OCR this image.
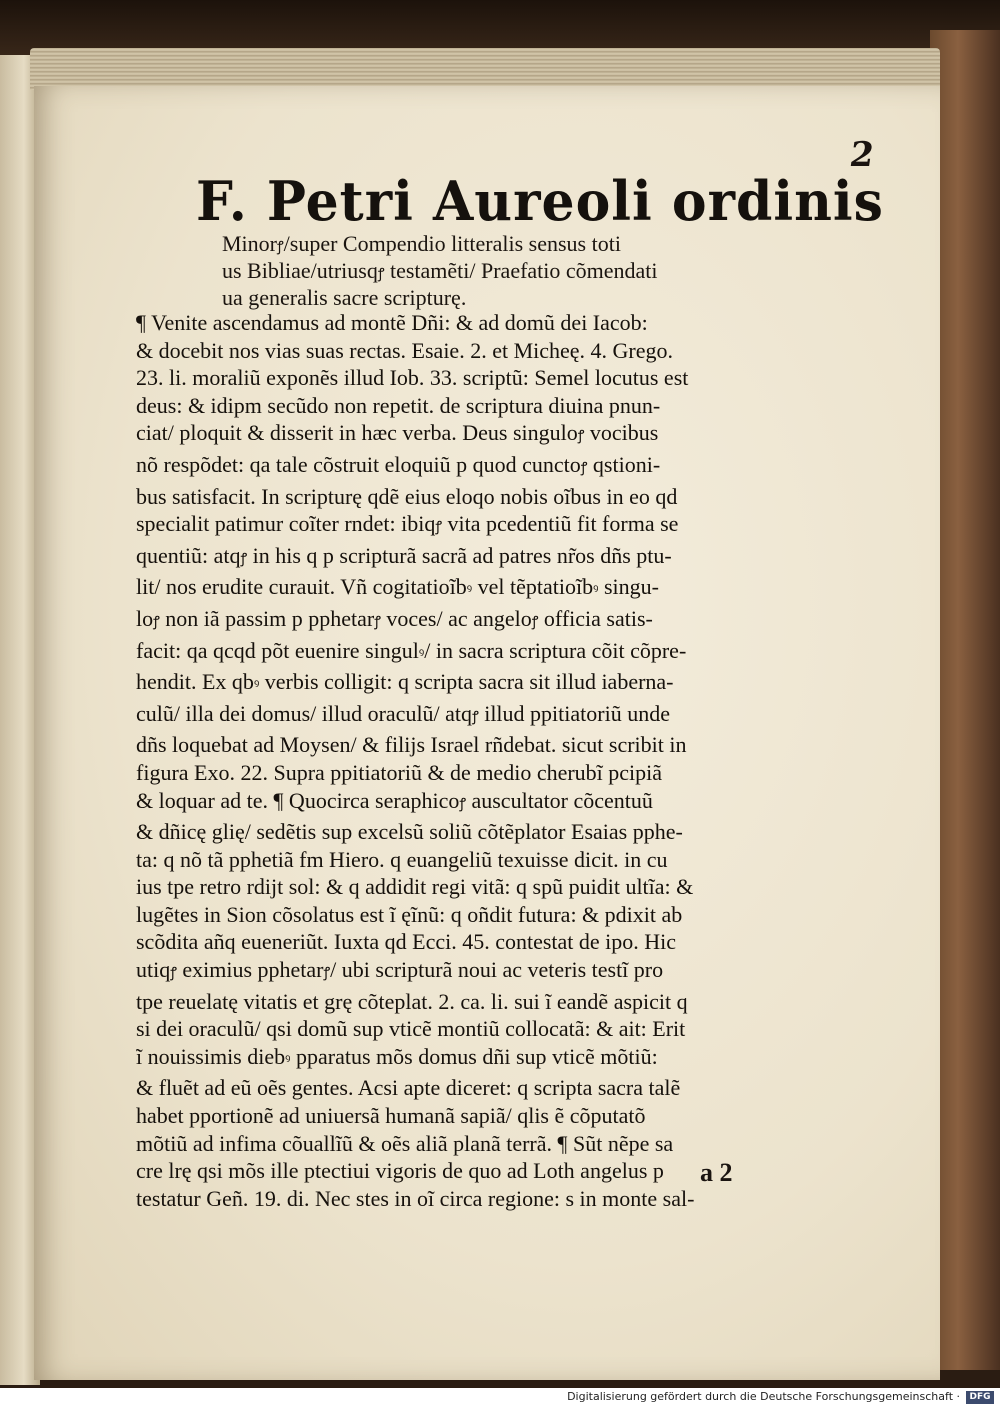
2
F. Petri Aureoli ordinis
Minorꝭ/super Compendio litteralis sensus toti
us Bibliae/utriusqꝭ testamẽti/ Praefatio cõmendati
ua generalis sacre scripturę.
¶ Venite ascendamus ad montẽ Dñi: & ad domũ dei Iacob:
& docebit nos vias suas rectas. Esaie. 2. et Micheę. 4. Grego.
23. li. moraliũ exponẽs illud Iob. 33. scriptũ: Semel locutus est
deus: & idipm secũdo non repetit. de scriptura diuina pnun-
ciat/ ploquit & disserit in hæc verba. Deus singuloꝭ vocibus
nõ respõdet: qa tale cõstruit eloquiũ p quod cunctoꝭ qstioni-
bus satisfacit. In scripturę qdẽ eius eloqo nobis oĩbus in eo qd
specialit patimur coĩter rndet: ibiqꝭ vita pcedentiũ fit forma se
quentiũ: atqꝭ in his q p scripturã sacrã ad patres nr̃os dñs ptu-
lit/ nos erudite curauit. Vñ cogitatioĩbꝰ vel tẽptatioĩbꝰ singu-
loꝭ non iã passim p pphetarꝭ voces/ ac angeloꝭ officia satis-
facit: qa qcqd põt euenire singulꝰ/ in sacra scriptura cõit cõpre-
hendit. Ex qbꝰ verbis colligit: q scripta sacra sit illud iaberna-
culũ/ illa dei domus/ illud oraculũ/ atqꝭ illud ppitiatoriũ unde
dñs loquebat ad Moysen/ & filijs Israel rñdebat. sicut scribit in
figura Exo. 22. Supra ppitiatoriũ & de medio cherubĩ pcipiã
& loquar ad te. ¶ Quocirca seraphicoꝭ auscultator cõcentuũ
& dñicę glię/ sedẽtis sup excelsũ soliũ cõtẽplator Esaias pphe-
ta: q nõ tã pphetiã fm Hiero. q euangeliũ texuisse dicit. in cu
ius tpe retro rdijt sol: & q addidit regi vitã: q spũ puidit ultĩa: &
lugẽtes in Sion cõsolatus est ĩ ęĩnũ: q oñdit futura: & pdixit ab
scõdita añq eueneriũt. Iuxta qd Ecci. 45. contestat de ipo. Hic
utiqꝭ eximius pphetarꝭ/ ubi scripturã noui ac veteris testĩ pro
tpe reuelatę vitatis et grę cõteplat. 2. ca. li. sui ĩ eandẽ aspicit q
si dei oraculũ/ qsi domũ sup vticẽ montiũ collocatã: & ait: Erit
ĩ nouissimis diebꝰ pparatus mõs domus dñi sup vticẽ mõtiũ:
& fluẽt ad eũ oẽs gentes. Acsi apte diceret: q scripta sacra talẽ
habet pportionẽ ad uniuersã humanã sapiã/ qlis ẽ cõputatõ
mõtiũ ad infima cõuallĩũ & oẽs aliã planã terrã. ¶ Sũt nẽpe sa
cre lrę qsi mõs ille ptectiui vigoris de quo ad Loth angelus p
testatur Geñ. 19. di. Nec stes in oĩ circa regione: s in monte sal-
a 2
Digitalisierung gefördert durch die Deutsche Forschungsgemeinschaft ·	DFG
